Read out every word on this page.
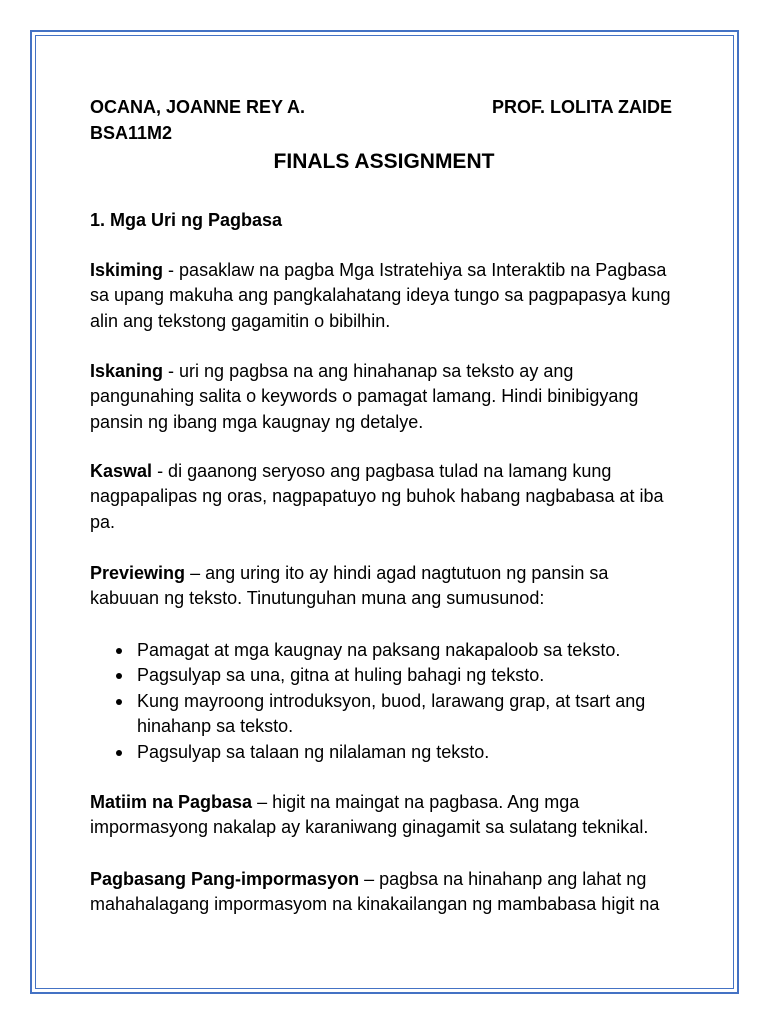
OCANA, JOANNE REY A.	PROF. LOLITA ZAIDE
BSA11M2
FINALS ASSIGNMENT
1. Mga Uri ng Pagbasa
Iskiming - pasaklaw na pagba Mga Istratehiya sa Interaktib na Pagbasa
sa upang makuha ang pangkalahatang ideya tungo sa pagpapasya kung
alin ang tekstong gagamitin o bibilhin.
Iskaning - uri ng pagbsa na ang hinahanap sa teksto ay ang
pangunahing salita o keywords o pamagat lamang. Hindi binibigyang
pansin ng ibang mga kaugnay ng detalye.
Kaswal - di gaanong seryoso ang pagbasa tulad na lamang kung
nagpapalipas ng oras, nagpapatuyo ng buhok habang nagbabasa at iba
pa.
Previewing – ang uring ito ay hindi agad nagtutuon ng pansin sa
kabuuan ng teksto. Tinutunguhan muna ang sumusunod:
Pamagat at mga kaugnay na paksang nakapaloob sa teksto.
Pagsulyap sa una, gitna at huling bahagi ng teksto.
Kung mayroong introduksyon, buod, larawang grap, at tsart ang
hinahanp sa teksto.
Pagsulyap sa talaan ng nilalaman ng teksto.
Matiim na Pagbasa – higit na maingat na pagbasa. Ang mga
impormasyong nakalap ay karaniwang ginagamit sa sulatang teknikal.
Pagbasang Pang-impormasyon – pagbsa na hinahanp ang lahat ng
mahahalagang impormasyom na kinakailangan ng mambabasa higit na
